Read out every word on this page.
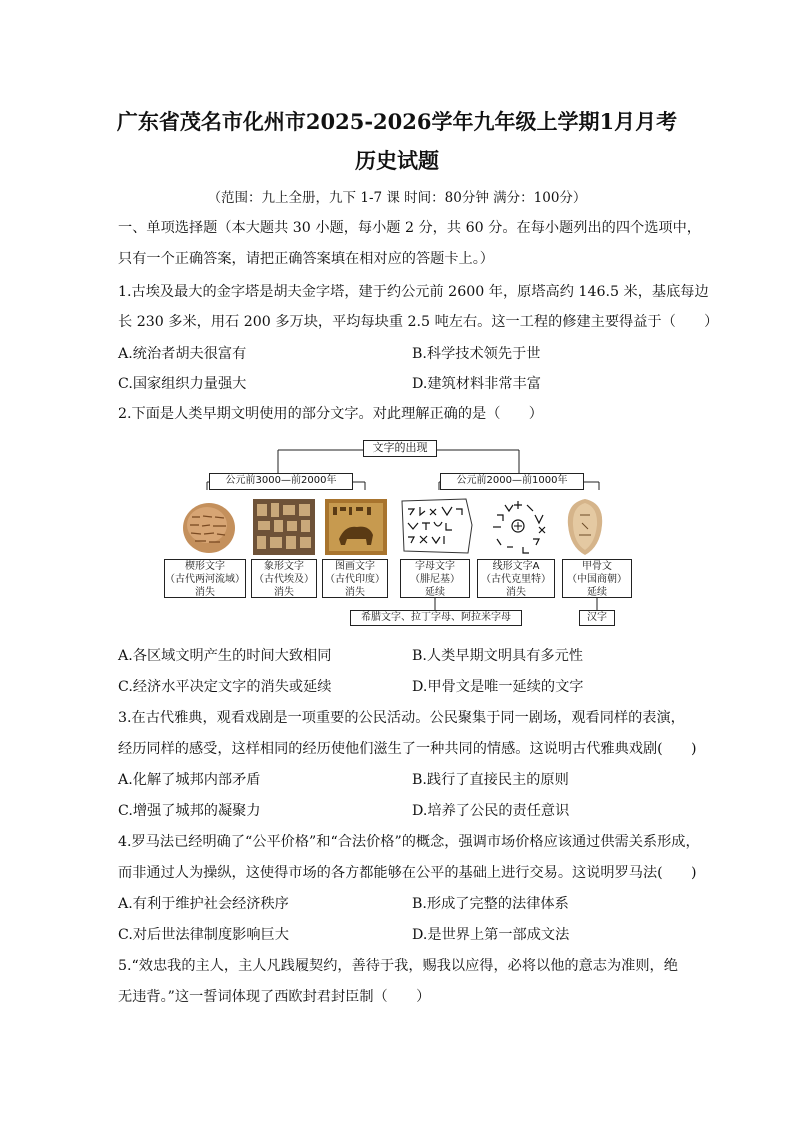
广东省茂名市化州市2025-2026学年九年级上学期1月月考
历史试题
（范围：九上全册，九下 1-7 课 时间：80分钟 满分：100分）
一、单项选择题（本大题共 30 小题，每小题 2 分，共 60 分。在每小题列出的四个选项中，
只有一个正确答案，请把正确答案填在相对应的答题卡上。）
1.古埃及最大的金字塔是胡夫金字塔，建于约公元前 2600 年，原塔高约 146.5 米，基底每边
长 230 多米，用石 200 多万块，平均每块重 2.5 吨左右。这一工程的修建主要得益于（　　）
A.统治者胡夫很富有	B.科学技术领先于世
C.国家组织力量强大	D.建筑材料非常丰富
2.下面是人类早期文明使用的部分文字。对此理解正确的是（　　）
文字的出现
公元前3000—前2000年	公元前2000—前1000年
楔形文字
（古代两河流域）
消失
象形文字
（古代埃及）
消失
图画文字
（古代印度）
消失
字母文字
（腓尼基）
延续
线形文字A
（古代克里特）
消失
甲骨文
（中国商朝）
延续
希腊文字、拉丁字母、阿拉米字母	汉字
A.各区域文明产生的时间大致相同	B.人类早期文明具有多元性
C.经济水平决定文字的消失或延续	D.甲骨文是唯一延续的文字
3.在古代雅典，观看戏剧是一项重要的公民活动。公民聚集于同一剧场，观看同样的表演，
经历同样的感受，这样相同的经历使他们滋生了一种共同的情感。这说明古代雅典戏剧(　　)
A.化解了城邦内部矛盾	B.践行了直接民主的原则
C.增强了城邦的凝聚力	D.培养了公民的责任意识
4.罗马法已经明确了“公平价格”和“合法价格”的概念，强调市场价格应该通过供需关系形成，
而非通过人为操纵，这使得市场的各方都能够在公平的基础上进行交易。这说明罗马法(　　)
A.有利于维护社会经济秩序	B.形成了完整的法律体系
C.对后世法律制度影响巨大	D.是世界上第一部成文法
5.“效忠我的主人，主人凡践履契约，善待于我，赐我以应得，必将以他的意志为准则，绝
无违背。”这一誓词体现了西欧封君封臣制（　　）
